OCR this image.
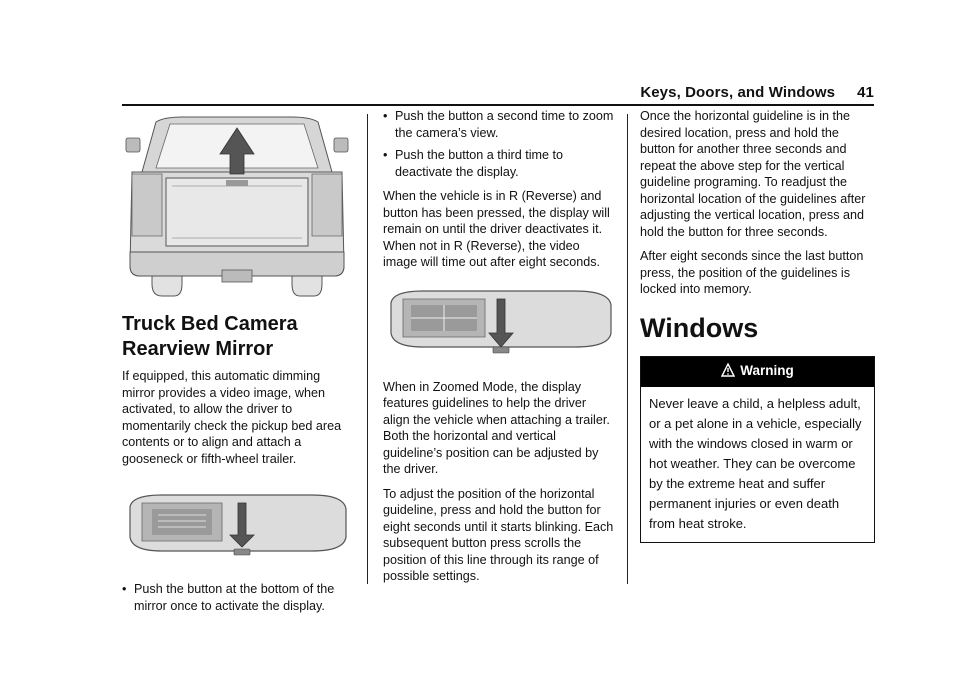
Keys, Doors, and Windows 41
Truck Bed Camera Rearview Mirror

If equipped, this automatic dimming mirror provides a video image, when activated, to allow the driver to momentarily check the pickup bed area contents or to align and attach a gooseneck or fifth-wheel trailer.

• Push the button at the bottom of the mirror once to activate the display.
• Push the button a second time to zoom the camera’s view.
• Push the button a third time to deactivate the display.

When the vehicle is in R (Reverse) and button has been pressed, the display will remain on until the driver deactivates it. When not in R (Reverse), the video image will time out after eight seconds.

When in Zoomed Mode, the display features guidelines to help the driver align the vehicle when attaching a trailer. Both the horizontal and vertical guideline’s position can be adjusted by the driver.

To adjust the position of the horizontal guideline, press and hold the button for eight seconds until it starts blinking. Each subsequent button press scrolls the position of this line through its range of possible settings.

Once the horizontal guideline is in the desired location, press and hold the button for another three seconds and repeat the above step for the vertical guideline programing. To readjust the horizontal location of the guidelines after adjusting the vertical location, press and hold the button for three seconds.

After eight seconds since the last button press, the position of the guidelines is locked into memory.

Windows
Warning

Never leave a child, a helpless adult, or a pet alone in a vehicle, especially with the windows closed in warm or hot weather. They can be overcome by the extreme heat and suffer permanent injuries or even death from heat stroke.
